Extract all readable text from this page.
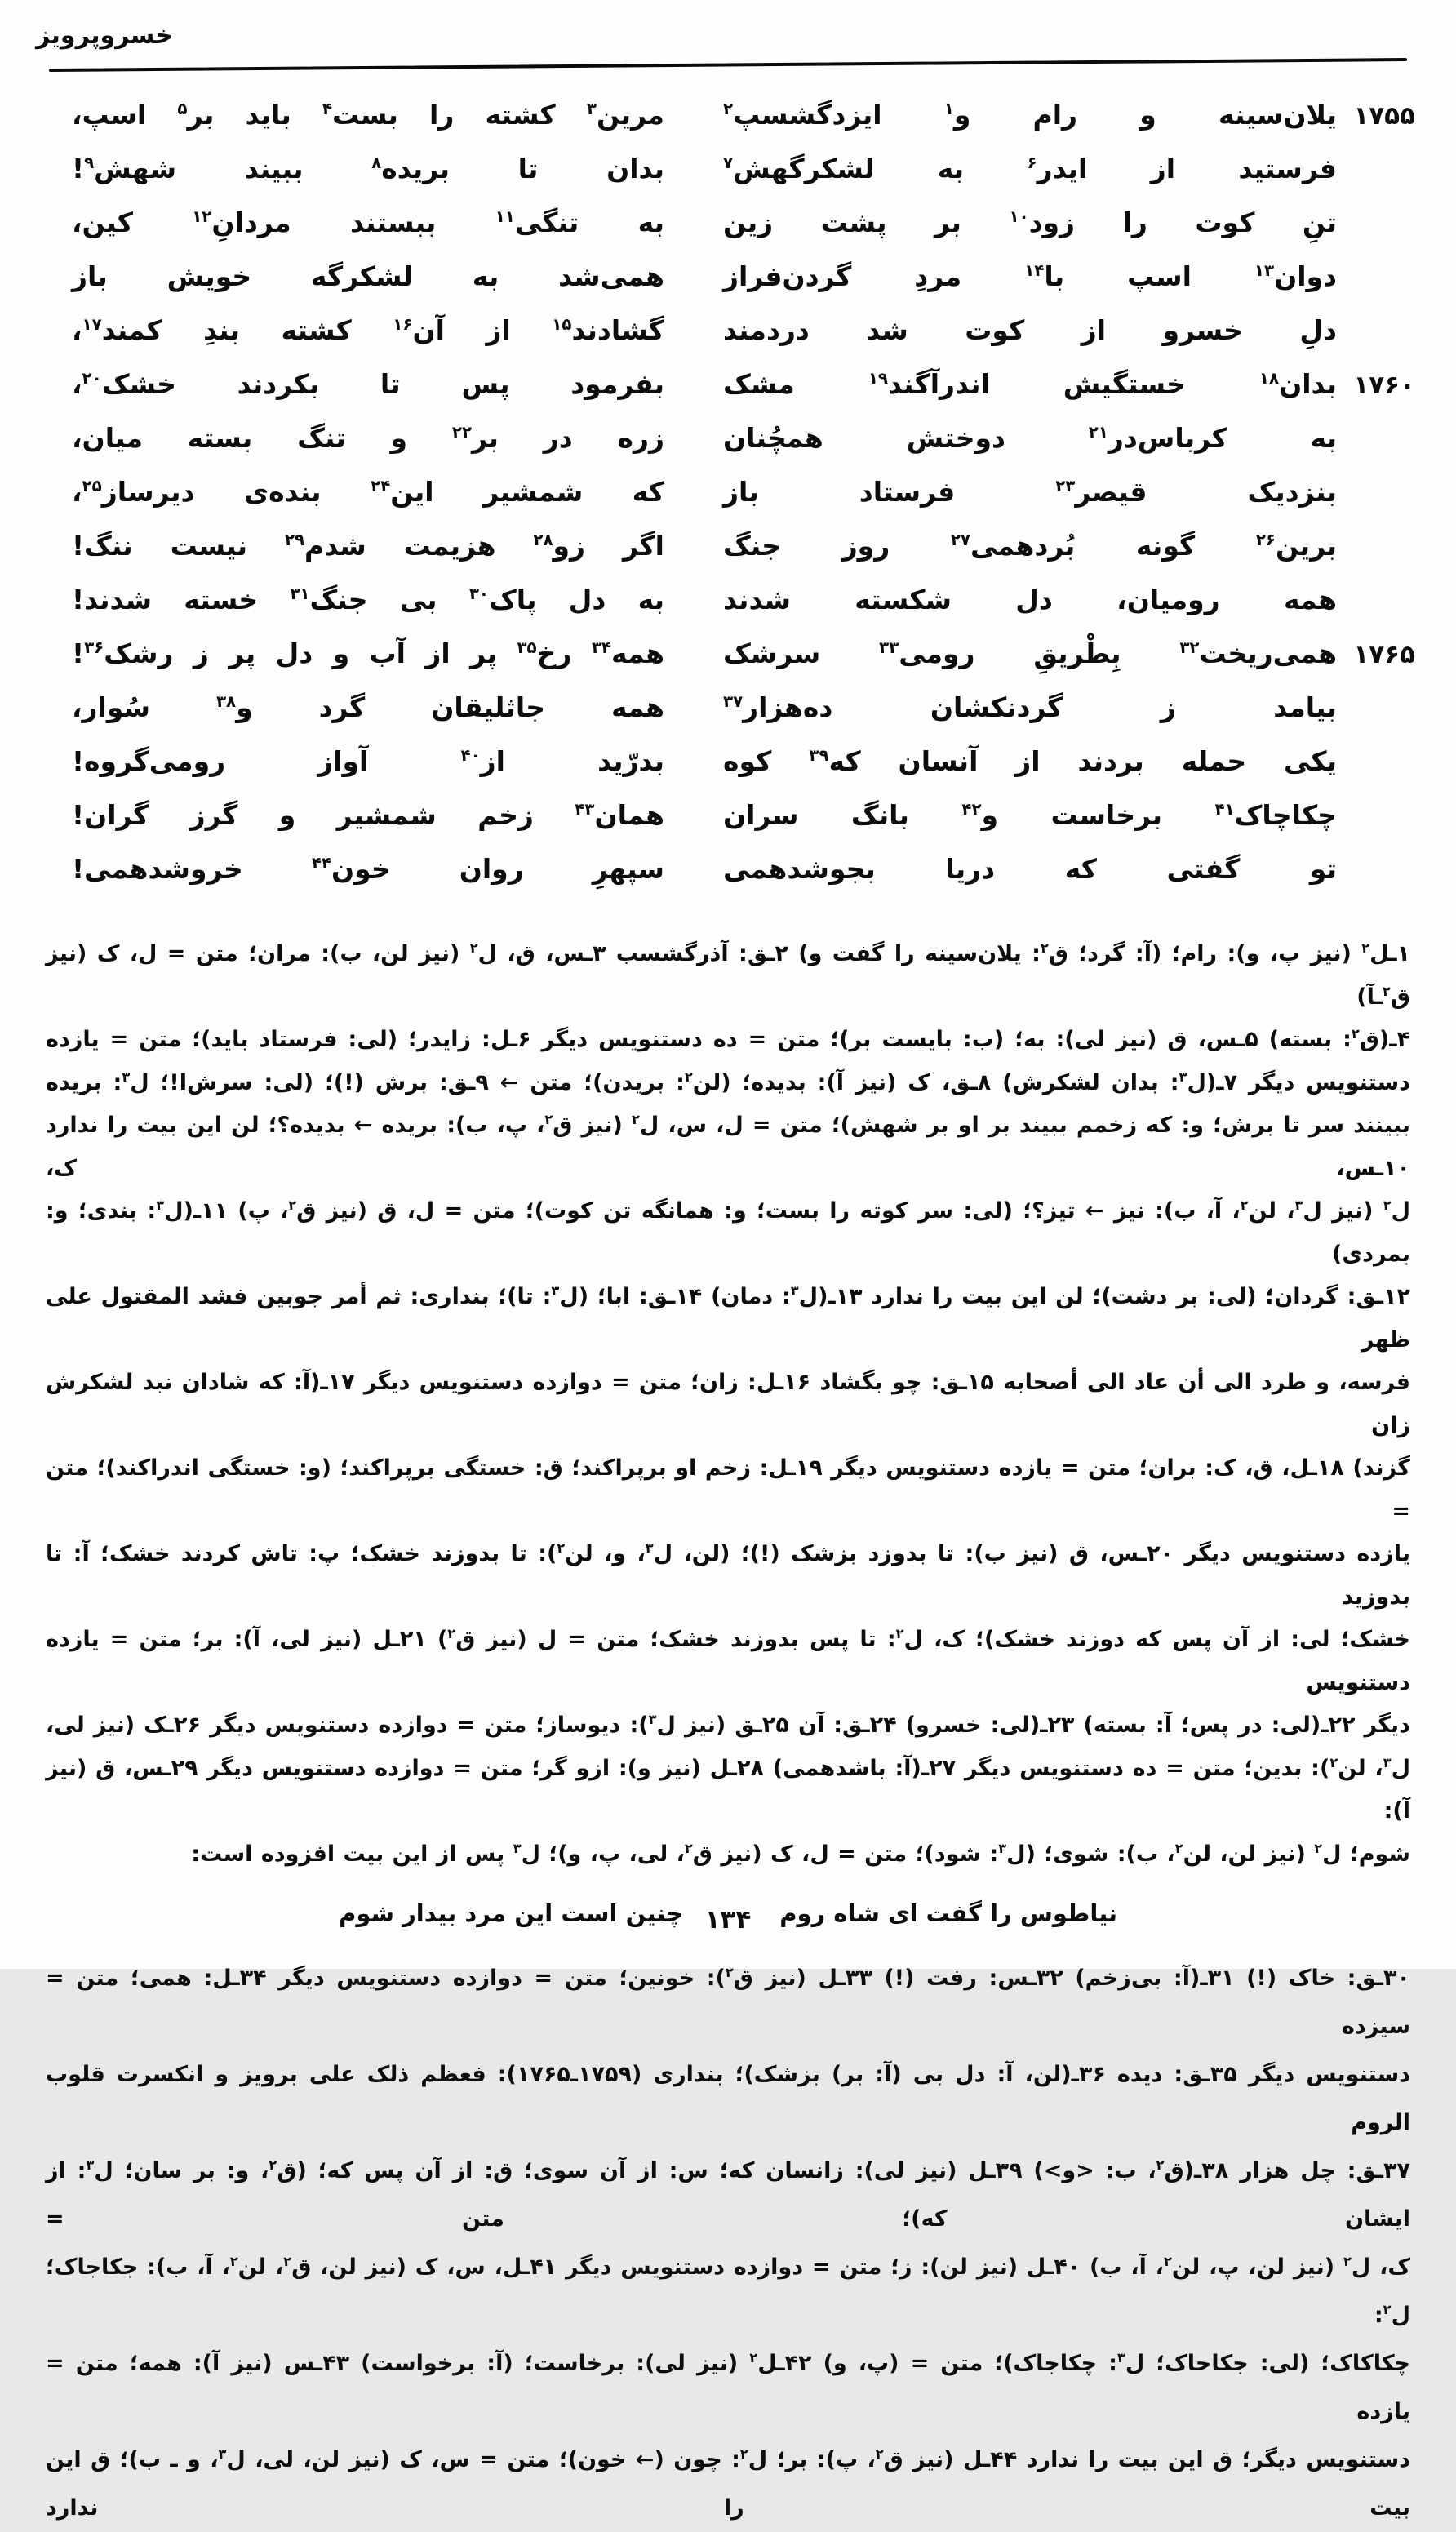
خسروپرویز
۱۷۵۵
یلان‌سینه و رام و$^۱$ ایزدگشسپ$^۲$
مرین$^۳$ کشته را بست$^۴$ باید بر$^۵$ اسپ،
فرستید از ایدر$^۶$ به لشکرگهش$^۷$
بدان تا بریده$^۸$ ببیند شهش$^۹$!
تنِ کوت را زود$^{۱۰}$ بر پشت زین
به تنگی$^{۱۱}$ ببستند مردانِ$^{۱۲}$ کین،
دوان$^{۱۳}$ اسپ با$^{۱۴}$ مردِ گردن‌فراز
همی‌شد به لشکرگه خویش باز
دلِ خسرو از کوت شد دردمند
گشادند$^{۱۵}$ از آن$^{۱۶}$ کشته بندِ کمند$^{۱۷}$،
۱۷۶۰
بدان$^{۱۸}$ خستگیش اندرآگند$^{۱۹}$ مشک
بفرمود پس تا بکردند خشک$^{۲۰}$،
به کرباس‌در$^{۲۱}$ دوختش همچُنان
زره در بر$^{۲۲}$ و تنگ بسته میان،
بنزدیک قیصر$^{۲۳}$ فرستاد باز
که شمشیر این$^{۲۴}$ بنده‌ی دیرساز$^{۲۵}$،
برین$^{۲۶}$ گونه بُردهمی$^{۲۷}$ روز جنگ
اگر زو$^{۲۸}$ هزیمت شدم$^{۲۹}$ نیست ننگ!
همه رومیان، دل شکسته شدند
به دل پاک$^{۳۰}$ بی جنگ$^{۳۱}$ خسته شدند!
۱۷۶۵
همی‌ریخت$^{۳۲}$ بِطْریقِ رومی$^{۳۳}$ سرشک
همه$^{۳۴}$ رخ$^{۳۵}$ پر از آب و دل پر ز رشک$^{۳۶}$!
بیامد ز گردنکشان ده‌هزار$^{۳۷}$
همه جاثلیقان گرد و$^{۳۸}$ سُوار،
یکی حمله بردند از آنسان که$^{۳۹}$ کوه
بدرّید از$^{۴۰}$ آواز رومی‌گروه!
چکاچاک$^{۴۱}$ برخاست و$^{۴۲}$ بانگ سران
همان$^{۴۳}$ زخم شمشیر و گرز گران!
تو گفتی که دریا بجوشدهمی
سپهرِ روان خون$^{۴۴}$ خروشدهمی!
۱ـل$^۲$ (نیز پ، و): رام؛ (آ: گرد؛ ق$^۲$: یلان‌سینه را گفت و) ۲ـق: آذرگشسب ۳ـس، ق، ل$^۲$ (نیز لن، ب): مران؛ متن = ل، ک (نیز ق$^۲$ـآ)
۴ـ(ق$^۲$: بسته) ۵ـس، ق (نیز لی): به؛ (ب: بایست بر)؛ متن = ده دستنویس دیگر ۶ـل: زایدر؛ (لی: فرستاد باید)؛ متن = یازده
دستنویس دیگر ۷ـ(ل$^۳$: بدان لشکرش) ۸ـق، ک (نیز آ): بدیده؛ (لن$^۲$: بریدن)؛ متن ← ۹ـق: برش (!)؛ (لی: سرش‌ا!؛ ل$^۳$: بریده
ببینند سر تا برش؛ و: که زخمم ببیند بر او بر شهش)؛ متن = ل، س، ل$^۲$ (نیز ق$^۲$، پ، ب): بریده ← بدیده؟؛ لن این بیت را ندارد ۱۰ـس، ک،
ل$^۲$ (نیز ل$^۳$، لن$^۲$، آ، ب): نیز ← تیز؟؛ (لی: سر کوته را بست؛ و: همانگه تن کوت)؛ متن = ل، ق (نیز ق$^۲$، پ) ۱۱ـ(ل$^۳$: بندی؛ و: بمردی)
۱۲ـق: گردان؛ (لی: بر دشت)؛ لن این بیت را ندارد ۱۳ـ(ل$^۳$: دمان) ۱۴ـق: ابا؛ (ل$^۳$: تا)؛ بنداری: ثم أمر جوبین فشد المقتول علی ظهر
فرسه، و طرد الی أن عاد الی أصحابه ۱۵ـق: چو بگشاد ۱۶ـل: زان؛ متن = دوازده دستنویس دیگر ۱۷ـ(آ: که شادان نبد لشکرش زان
گزند) ۱۸ـل، ق، ک: بران؛ متن = یازده دستنویس دیگر ۱۹ـل: زخم او برپراکند؛ ق: خستگی برپراکند؛ (و: خستگی اندراکند)؛ متن =
یازده دستنویس دیگر ۲۰ـس، ق (نیز ب): تا بدوزد بزشک (!)؛ (لن، ل$^۳$، و، لن$^۲$): تا بدوزند خشک؛ پ: تاش کردند خشک؛ آ: تا بدوزید
خشک؛ لی: از آن پس که دوزند خشک)؛ ک، ل$^۲$: تا پس بدوزند خشک؛ متن = ل (نیز ق$^۲$) ۲۱ـل (نیز لی، آ): بر؛ متن = یازده دستنویس
دیگر ۲۲ـ(لی: در پس؛ آ: بسته) ۲۳ـ(لی: خسرو) ۲۴ـق: آن ۲۵ـق (نیز ل$^۳$): دیوساز؛ متن = دوازده دستنویس دیگر ۲۶ـک (نیز لی،
ل$^۳$، لن$^۲$): بدین؛ متن = ده دستنویس دیگر ۲۷ـ(آ: باشدهمی) ۲۸ـل (نیز و): ازو گر؛ متن = دوازده دستنویس دیگر ۲۹ـس، ق (نیز آ):
شوم؛ ل$^۲$ (نیز لن، لن$^۲$، ب): شوی؛ (ل$^۳$: شود)؛ متن = ل، ک (نیز ق$^۲$، لی، پ، و)؛ ل$^۳$ پس از این بیت افزوده است:
نیاطوس را گفت ای شاه روم
چنین است این مرد بیدار شوم
۳۰ـق: خاک (!) ۳۱ـ(آ: بی‌زخم) ۳۲ـس: رفت (!) ۳۳ـل (نیز ق$^۲$): خونین؛ متن = دوازده دستنویس دیگر ۳۴ـل: همی؛ متن = سیزده
دستنویس دیگر ۳۵ـق: دیده ۳۶ـ(لن، آ: دل بی (آ: بر) بزشک)؛ بنداری (۱۷۵۹ـ۱۷۶۵): فعظم ذلک علی برویز و انکسرت قلوب الروم
۳۷ـق: چل هزار ۳۸ـ(ق$^۲$، ب: <و>) ۳۹ـل (نیز لی): زانسان که؛ س: از آن سوی؛ ق: از آن پس که؛ (ق$^۲$، و: بر سان؛ ل$^۳$: از ایشان که)؛ متن =
ک، ل$^۲$ (نیز لن، پ، لن$^۲$، آ، ب) ۴۰ـل (نیز لن): ز؛ متن = دوازده دستنویس دیگر ۴۱ـل، س، ک (نیز لن، ق$^۲$، لن$^۲$، آ، ب): جکاجاک؛ ل$^۲$:
چکاکاک؛ (لی: جکاحاک؛ ل$^۳$: چکاجاک)؛ متن = (پ، و) ۴۲ـل$^۲$ (نیز لی): برخاست؛ (آ: برخواست) ۴۳ـس (نیز آ): همه؛ متن = یازده
دستنویس دیگر؛ ق این بیت را ندارد ۴۴ـل (نیز ق$^۲$، پ): بر؛ ل$^۲$: چون (← خون)؛ متن = س، ک (نیز لن، لی، ل$^۳$، و ـ ب)؛ ق این بیت را ندارد
۱۳۴
